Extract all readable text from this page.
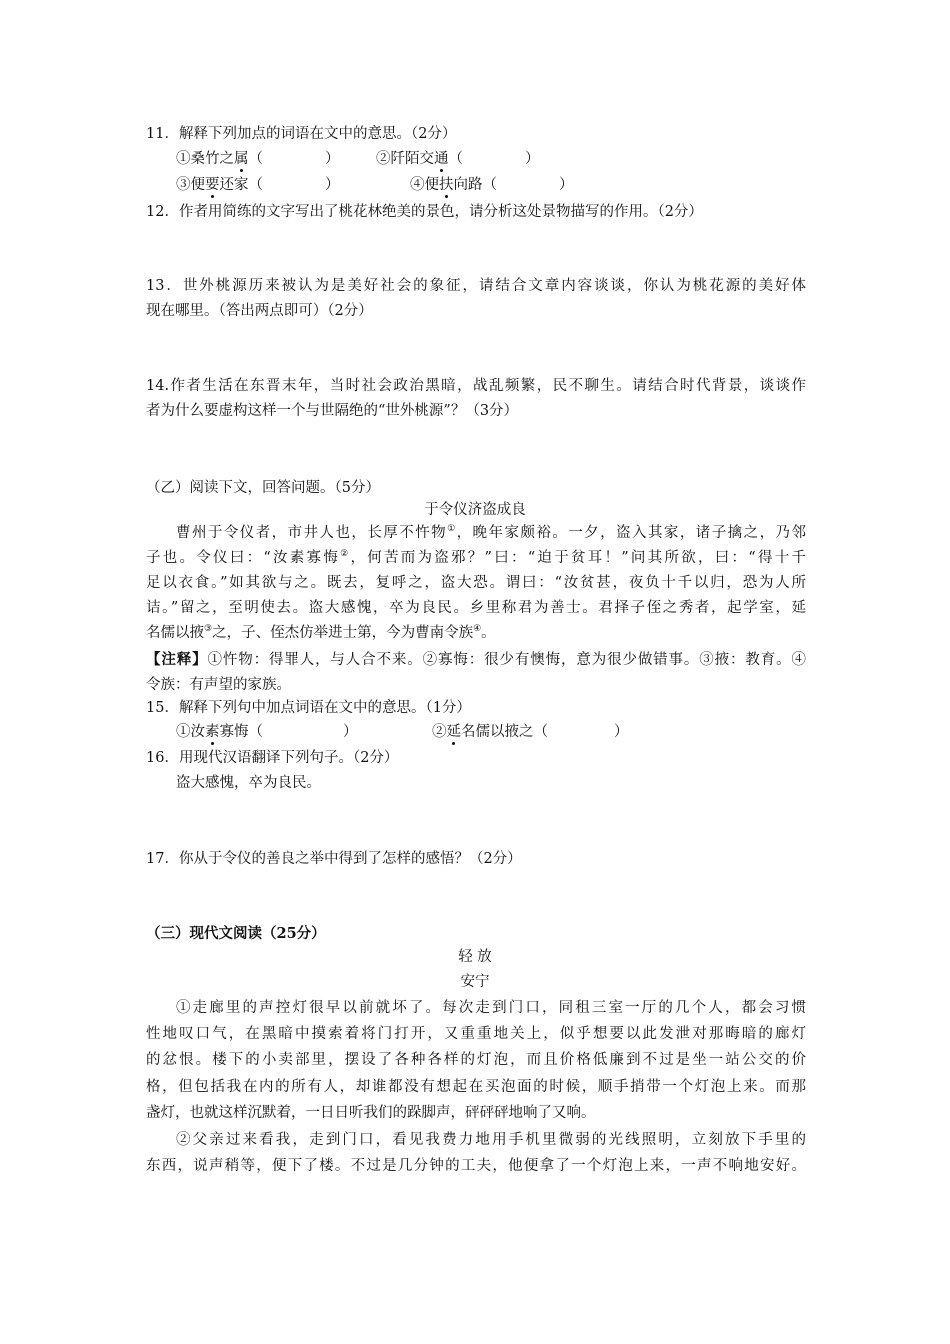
11．解释下列加点的词语在文中的意思。（2分）
①桑竹之属（	）	②阡陌交通（	）
③便要还家（	）	④便扶向路（	）
12．作者用简练的文字写出了桃花林绝美的景色，请分析这处景物描写的作用。（2分）
13．世外桃源历来被认为是美好社会的象征，请结合文章内容谈谈，你认为桃花源的美好体
现在哪里。（答出两点即可）（2分）
14.作者生活在东晋末年，当时社会政治黑暗，战乱频繁，民不聊生。请结合时代背景，谈谈作
者为什么要虚构这样一个与世隔绝的“世外桃源”？（3分）
（乙）阅读下文，回答问题。（5分）
于令仪济盗成良
曹州于令仪者，市井人也，长厚不忤物①，晚年家颇裕。一夕，盗入其家，诸子擒之，乃邻
子也。令仪曰：“汝素寡悔②，何苦而为盗邪？”曰：“迫于贫耳！”问其所欲，曰：“得十千
足以衣食。”如其欲与之。既去，复呼之，盗大恐。谓曰：“汝贫甚，夜负十千以归，恐为人所
诘。”留之，至明使去。盗大感愧，卒为良民。乡里称君为善士。君择子侄之秀者，起学室，延
名儒以掖③之，子、侄杰仿举进士第，今为曹南令族④。
【注释】①忤物：得罪人，与人合不来。②寡悔：很少有懊悔，意为很少做错事。③掖：教育。④
令族：有声望的家族。
15．解释下列句中加点词语在文中的意思。（1分）
①汝素寡悔（	）	②延名儒以掖之（	）
16．用现代汉语翻译下列句子。（2分）
盗大感愧，卒为良民。
17．你从于令仪的善良之举中得到了怎样的感悟？（2分）
（三）现代文阅读（25分）
轻 放
安宁
①走廊里的声控灯很早以前就坏了。每次走到门口，同租三室一厅的几个人，都会习惯
性地叹口气，在黑暗中摸索着将门打开，又重重地关上，似乎想要以此发泄对那晦暗的廊灯
的忿恨。楼下的小卖部里，摆设了各种各样的灯泡，而且价格低廉到不过是坐一站公交的价
格，但包括我在内的所有人，却谁都没有想起在买泡面的时候，顺手捎带一个灯泡上来。而那
盏灯，也就这样沉默着，一日日听我们的跺脚声，砰砰砰地响了又响。
②父亲过来看我，走到门口，看见我费力地用手机里微弱的光线照明，立刻放下手里的
东西，说声稍等，便下了楼。不过是几分钟的工夫，他便拿了一个灯泡上来，一声不响地安好。
